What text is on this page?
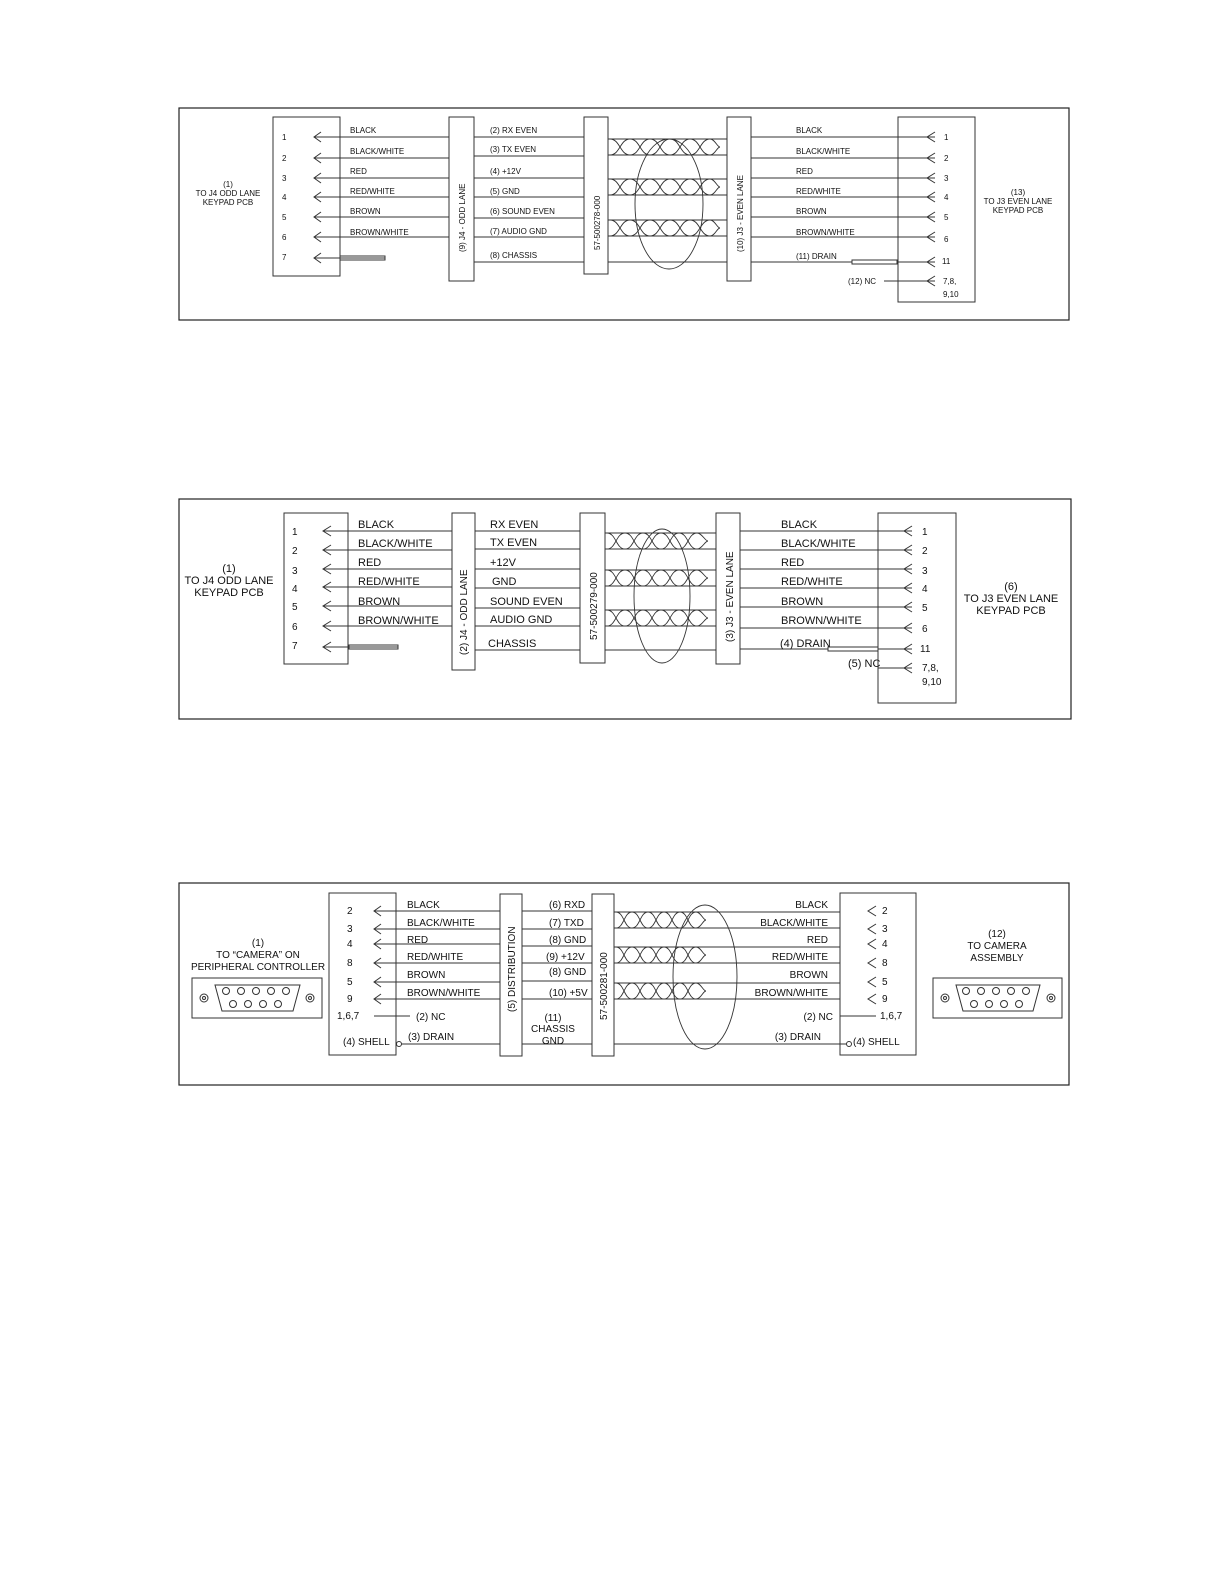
(1)
TO J4 ODD LANE
KEYPAD PCB
1
2
3
4
5
6
7
BLACK
BLACK/WHITE
RED
RED/WHITE
BROWN
BROWN/WHITE	(9) J4 - ODD LANE
(2) RX EVEN
(3) TX EVEN
(4) +12V
(5) GND
(6) SOUND EVEN
(7) AUDIO GND
(8) CHASSIS
57-500278-000	(10) J3 - EVEN LANE
BLACK
BLACK/WHITE
RED
RED/WHITE
BROWN
BROWN/WHITE
(11) DRAIN
(12) NC
1
2
3
4
5
6
11
7,8,
9,10
(13)
TO J3 EVEN LANE
KEYPAD PCB
(1)
TO J4 ODD LANE
KEYPAD PCB
1
2
3
4
5
6
7
BLACK
BLACK/WHITE
RED
RED/WHITE
BROWN
BROWN/WHITE (2) J4 - ODD LANE
RX EVEN
TX EVEN
+12V
GND
SOUND EVEN
AUDIO GND
CHASSIS
57-500279-000	(3) J3 - EVEN LANE
BLACK
BLACK/WHITE
RED
RED/WHITE
BROWN
BROWN/WHITE
(4) DRAIN
(5) NC
1
2
3
4
5
6
11
7,8,
9,10
(6)
TO J3 EVEN LANE
KEYPAD PCB
(1)
TO “CAMERA” ON
PERIPHERAL CONTROLLER
2
3
4
8
5
9
1,6,7
(4) SHELL
BLACK
BLACK/WHITE
RED
RED/WHITE
BROWN
BROWN/WHITE
(2) NC
(3) DRAIN
(5) DISTRIBUTION
(6) RXD
(7) TXD
(8) GND
(9) +12V
(8) GND
(10) +5V
(11)
CHASSIS
GND
57-500281-000
BLACK
BLACK/WHITE
RED
RED/WHITE
BROWN
BROWN/WHITE
(2) NC
(3) DRAIN
2
3
4
8
5
9
1,6,7
(4) SHELL
(12)
TO CAMERA
ASSEMBLY
